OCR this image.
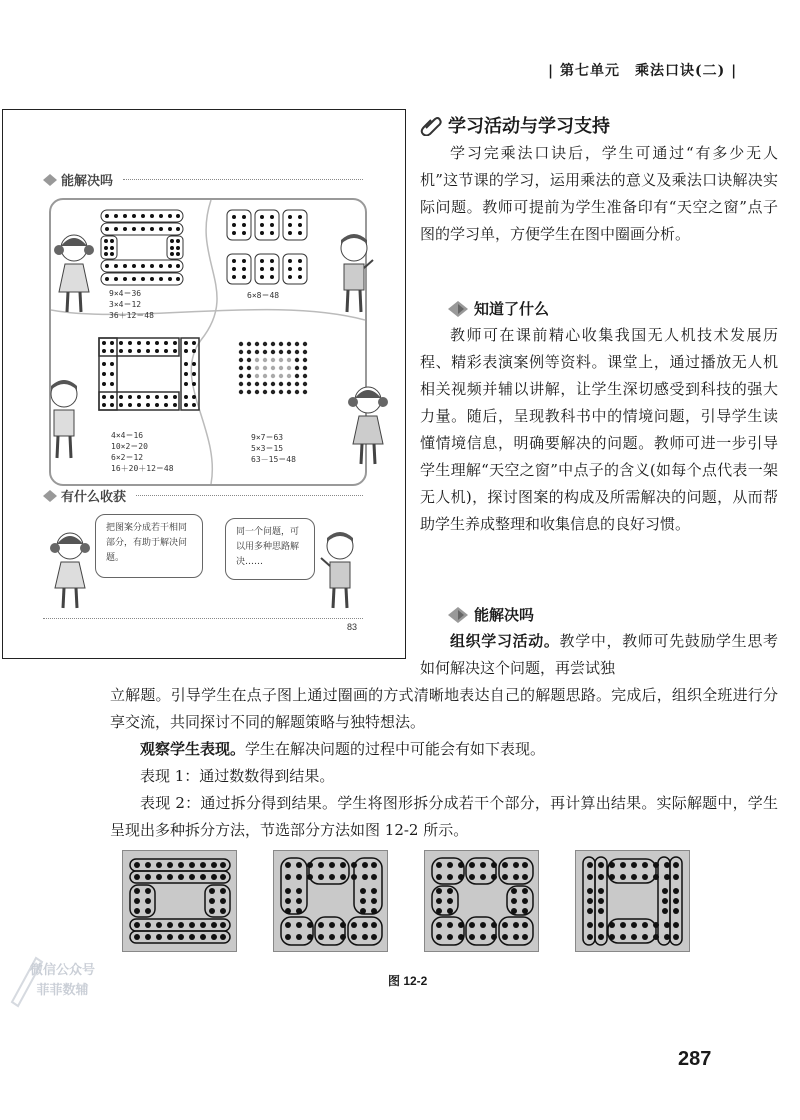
| 第七单元　乘法口诀(二) |
能解决吗
9×4＝36
3×4＝12
36＋12＝48
6×8＝48
4×4＝16
10×2＝20
6×2＝12
16＋20＋12＝48
9×7＝63
5×3＝15
63－15＝48
有什么收获
把图案分成若干相同部分，有助于解决问题。
同一个问题，可以用多种思路解决……
83
学习活动与学习支持
学习完乘法口诀后，学生可通过“有多少无人机”这节课的学习，运用乘法的意义及乘法口诀解决实际问题。教师可提前为学生准备印有“天空之窗”点子图的学习单，方便学生在图中圈画分析。
知道了什么
教师可在课前精心收集我国无人机技术发展历程、精彩表演案例等资料。课堂上，通过播放无人机相关视频并辅以讲解，让学生深切感受到科技的强大力量。随后，呈现教科书中的情境问题，引导学生读懂情境信息，明确要解决的问题。教师可进一步引导学生理解“天空之窗”中点子的含义(如每个点代表一架无人机)，探讨图案的构成及所需解决的问题，从而帮助学生养成整理和收集信息的良好习惯。
能解决吗
组织学习活动。教学中，教师可先鼓励学生思考如何解决这个问题，再尝试独
立解题。引导学生在点子图上通过圈画的方式清晰地表达自己的解题思路。完成后，组织全班进行分享交流，共同探讨不同的解题策略与独特想法。
观察学生表现。学生在解决问题的过程中可能会有如下表现。
表现 1：通过数数得到结果。
表现 2：通过拆分得到结果。学生将图形拆分成若干个部分，再计算出结果。实际解题中，学生呈现出多种拆分方法，节选部分方法如图 12-2 所示。
图 12-2
微信公众号
菲菲数辅
287
